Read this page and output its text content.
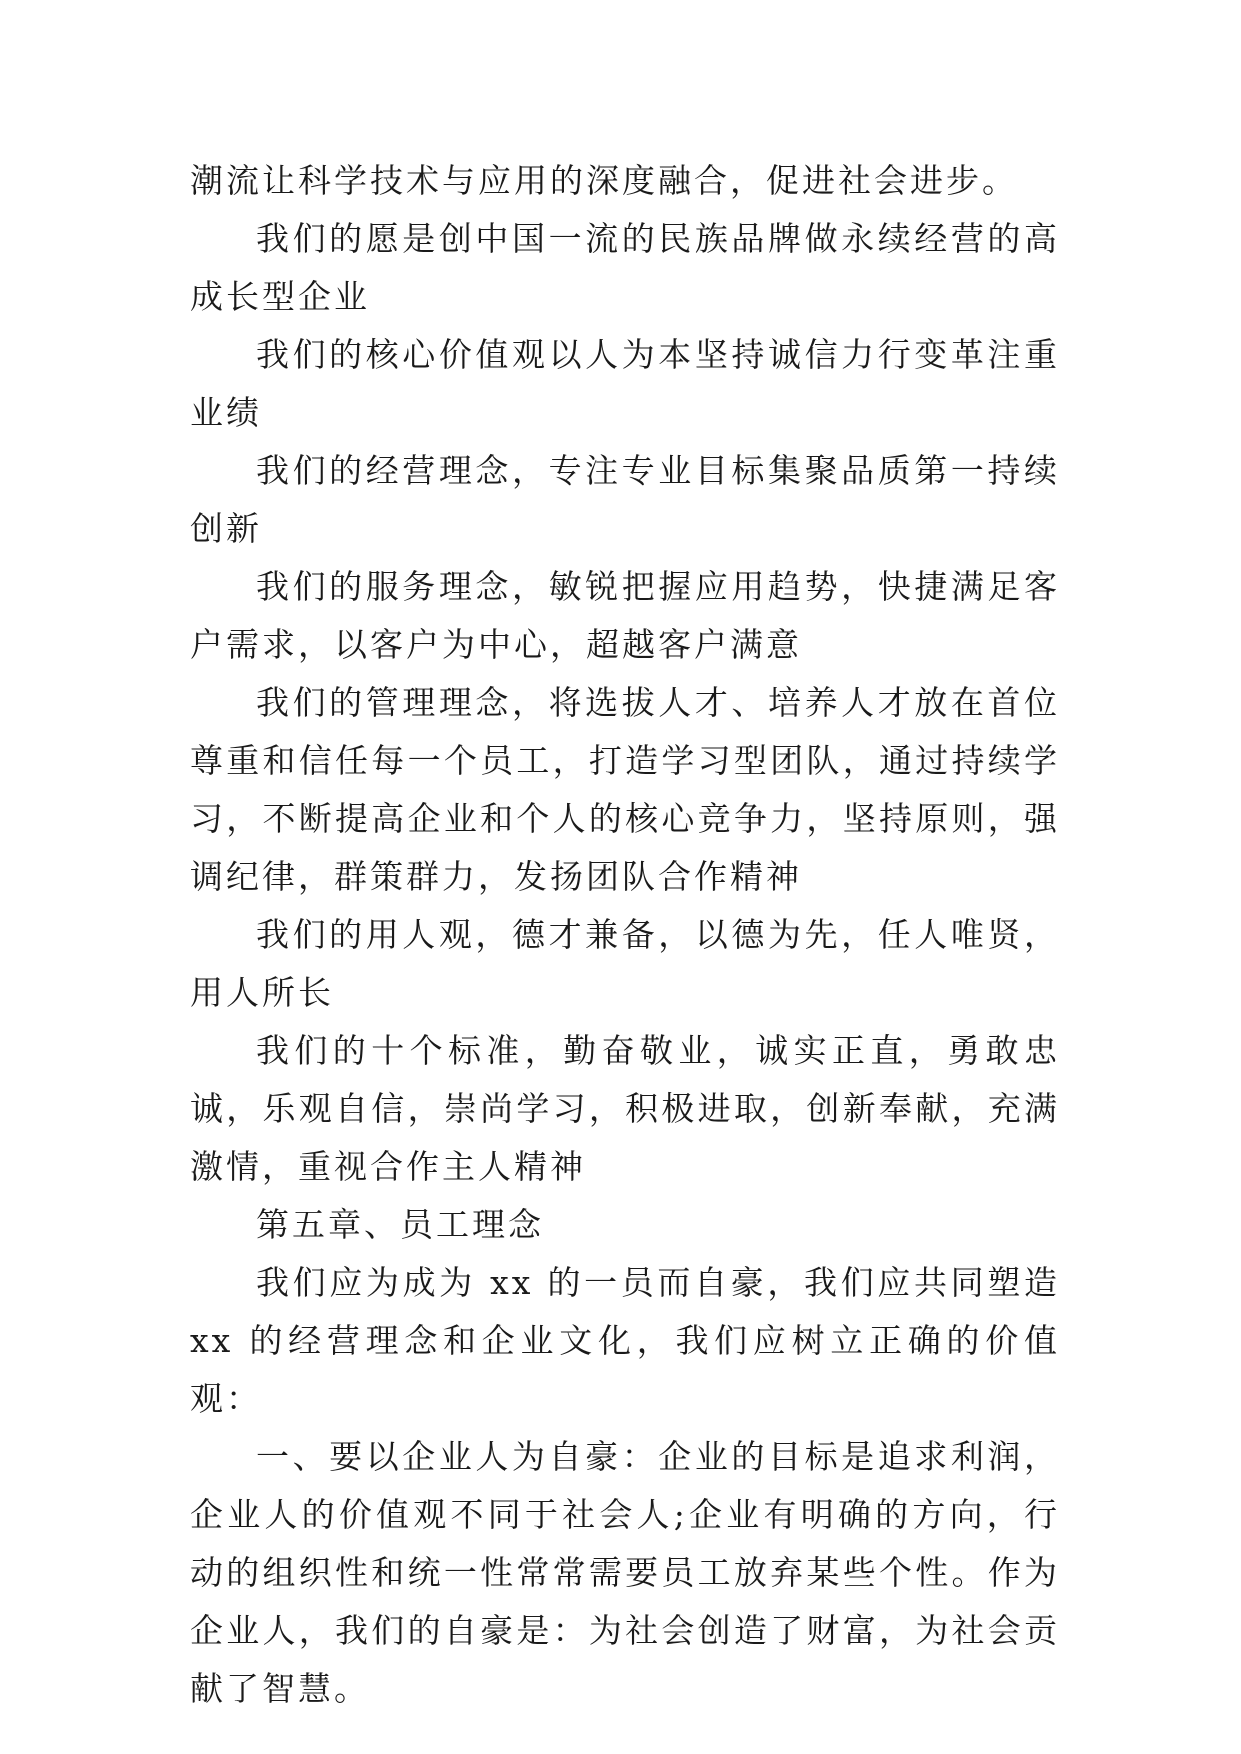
潮流让科学技术与应用的深度融合，促进社会进步。

我们的愿是创中国一流的民族品牌做永续经营的高成长型企业

我们的核心价值观以人为本坚持诚信力行变革注重业绩

我们的经营理念，专注专业目标集聚品质第一持续创新

我们的服务理念，敏锐把握应用趋势，快捷满足客户需求，以客户为中心，超越客户满意

我们的管理理念，将选拔人才、培养人才放在首位尊重和信任每一个员工，打造学习型团队，通过持续学习，不断提高企业和个人的核心竞争力，坚持原则，强调纪律，群策群力，发扬团队合作精神

我们的用人观，德才兼备，以德为先，任人唯贤，用人所长

我们的十个标准，勤奋敬业，诚实正直，勇敢忠诚，乐观自信，崇尚学习，积极进取，创新奉献，充满激情，重视合作主人精神

第五章、员工理念

我们应为成为 xx 的一员而自豪，我们应共同塑造 xx 的经营理念和企业文化，我们应树立正确的价值观：

一、要以企业人为自豪：企业的目标是追求利润，企业人的价值观不同于社会人;企业有明确的方向，行动的组织性和统一性常常需要员工放弃某些个性。作为企业人，我们的自豪是：为社会创造了财富，为社会贡献了智慧。
